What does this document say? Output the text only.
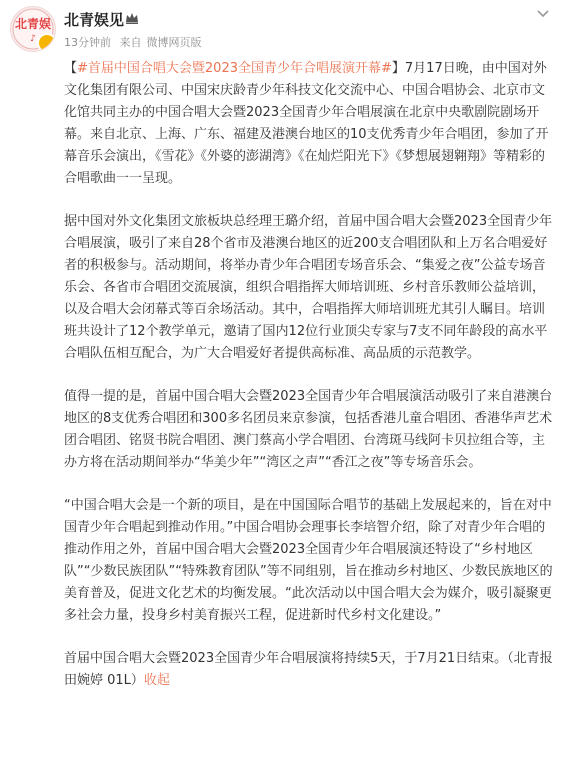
北青娱
♪
北青娱见
13分钟前 来自 微博网页版

【#首届中国合唱大会暨2023全国青少年合唱展演开幕#】7月17日晚，由中国对外文化集团有限公司、中国宋庆龄青少年科技文化交流中心、中国合唱协会、北京市文化馆共同主办的中国合唱大会暨2023全国青少年合唱展演在北京中央歌剧院剧场开幕。来自北京、上海、广东、福建及港澳台地区的10支优秀青少年合唱团，参加了开幕音乐会演出，《雪花》《外婆的澎湖湾》《在灿烂阳光下》《梦想展翅翱翔》等精彩的合唱歌曲一一呈现。

据中国对外文化集团文旅板块总经理王璐介绍，首届中国合唱大会暨2023全国青少年合唱展演，吸引了来自28个省市及港澳台地区的近200支合唱团队和上万名合唱爱好者的积极参与。活动期间，将举办青少年合唱团专场音乐会、“集爱之夜”公益专场音乐会、各省市合唱团交流展演，组织合唱指挥大师培训班、乡村音乐教师公益培训，以及合唱大会闭幕式等百余场活动。其中，合唱指挥大师培训班尤其引人瞩目。培训班共设计了12个教学单元，邀请了国内12位行业顶尖专家与7支不同年龄段的高水平合唱队伍相互配合，为广大合唱爱好者提供高标准、高品质的示范教学。

值得一提的是，首届中国合唱大会暨2023全国青少年合唱展演活动吸引了来自港澳台地区的8支优秀合唱团和300多名团员来京参演，包括香港儿童合唱团、香港华声艺术团合唱团、铭贤书院合唱团、澳门蔡高小学合唱团、台湾斑马线阿卡贝拉组合等，主办方将在活动期间举办“华美少年”“湾区之声”“香江之夜”等专场音乐会。

“中国合唱大会是一个新的项目，是在中国国际合唱节的基础上发展起来的，旨在对中国青少年合唱起到推动作用。”中国合唱协会理事长李培智介绍，除了对青少年合唱的推动作用之外，首届中国合唱大会暨2023全国青少年合唱展演还特设了“乡村地区队”“少数民族团队”“特殊教育团队”等不同组别，旨在推动乡村地区、少数民族地区的美育普及，促进文化艺术的均衡发展。“此次活动以中国合唱大会为媒介，吸引凝聚更多社会力量，投身乡村美育振兴工程，促进新时代乡村文化建设。”

首届中国合唱大会暨2023全国青少年合唱展演将持续5天，于7月21日结束。（北青报 田婉婷 01L）收起
